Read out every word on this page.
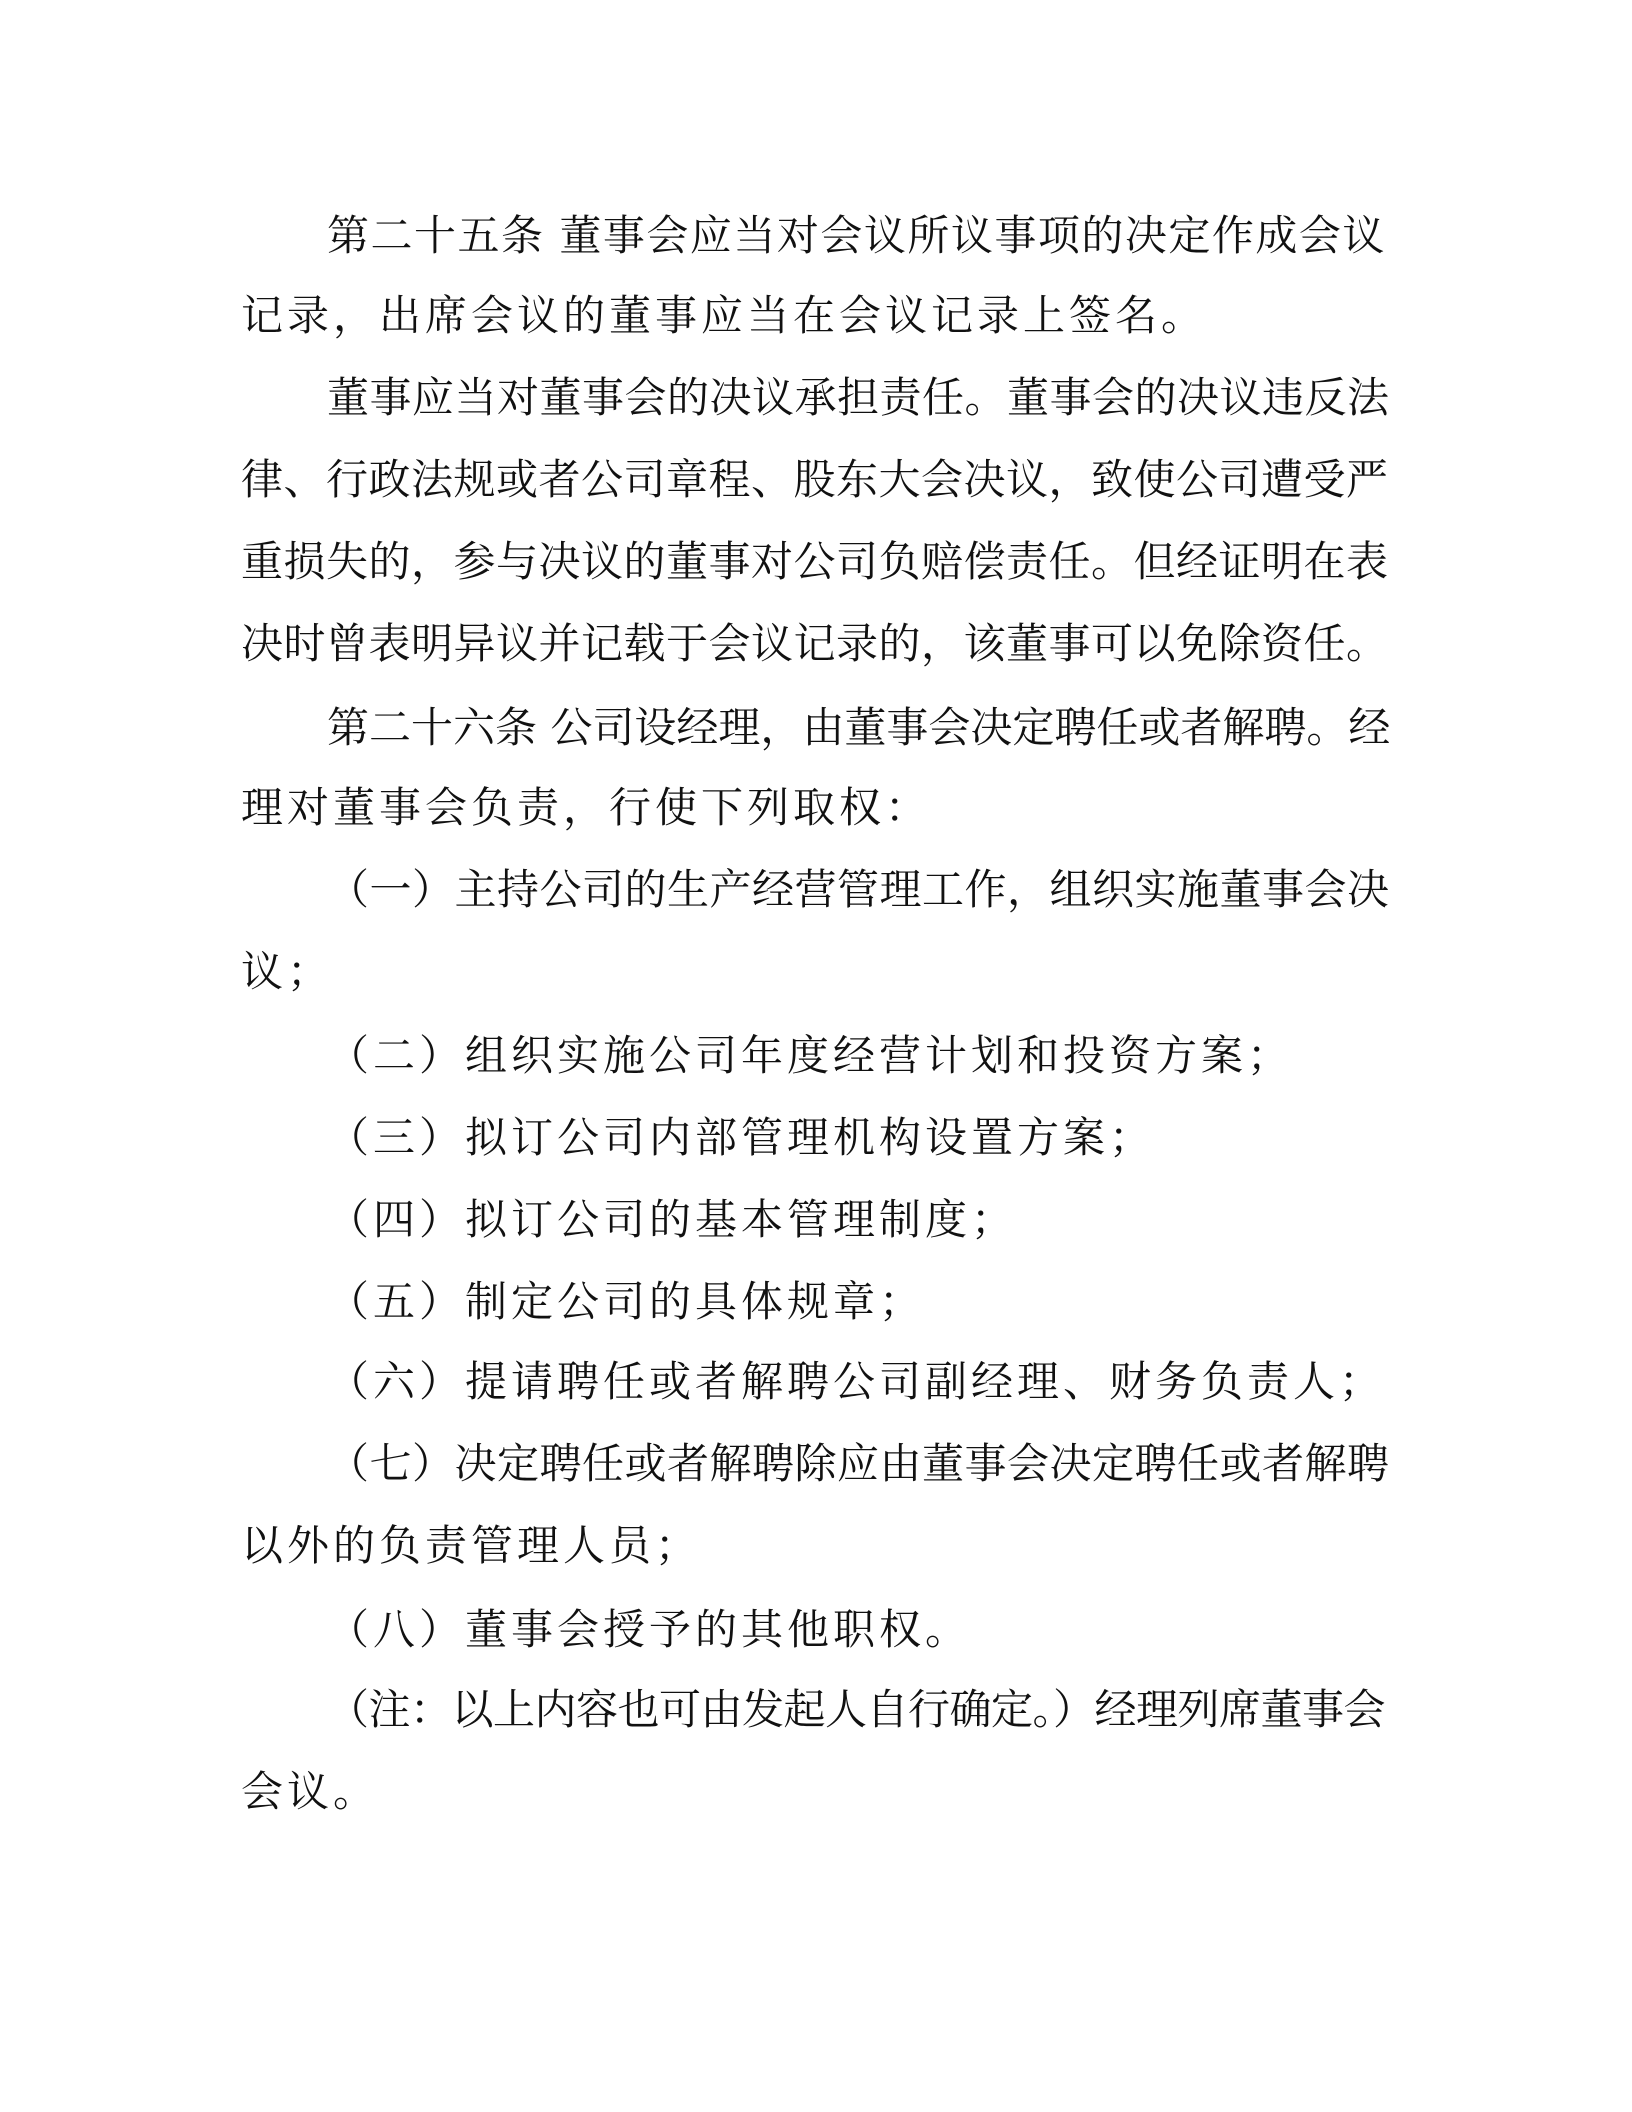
第二十五条 董事会应当对会议所议事项的决定作成会议
记录，出席会议的董事应当在会议记录上签名。
董事应当对董事会的决议承担责任。董事会的决议违反法
律、行政法规或者公司章程、股东大会决议，致使公司遭受严
重损失的，参与决议的董事对公司负赔偿责任。但经证明在表
决时曾表明异议并记载于会议记录的，该董事可以免除资任。
第二十六条 公司设经理，由董事会决定聘任或者解聘。经
理对董事会负责，行使下列取权：
（一）主持公司的生产经营管理工作，组织实施董事会决
议；
（二）组织实施公司年度经营计划和投资方案；
（三）拟订公司内部管理机构设置方案；
（四）拟订公司的基本管理制度；
（五）制定公司的具体规章；
（六）提请聘任或者解聘公司副经理、财务负责人；
（七）决定聘任或者解聘除应由董事会决定聘任或者解聘
以外的负责管理人员；
（八）董事会授予的其他职权。
（注：以上内容也可由发起人自行确定。）经理列席董事会
会议。
